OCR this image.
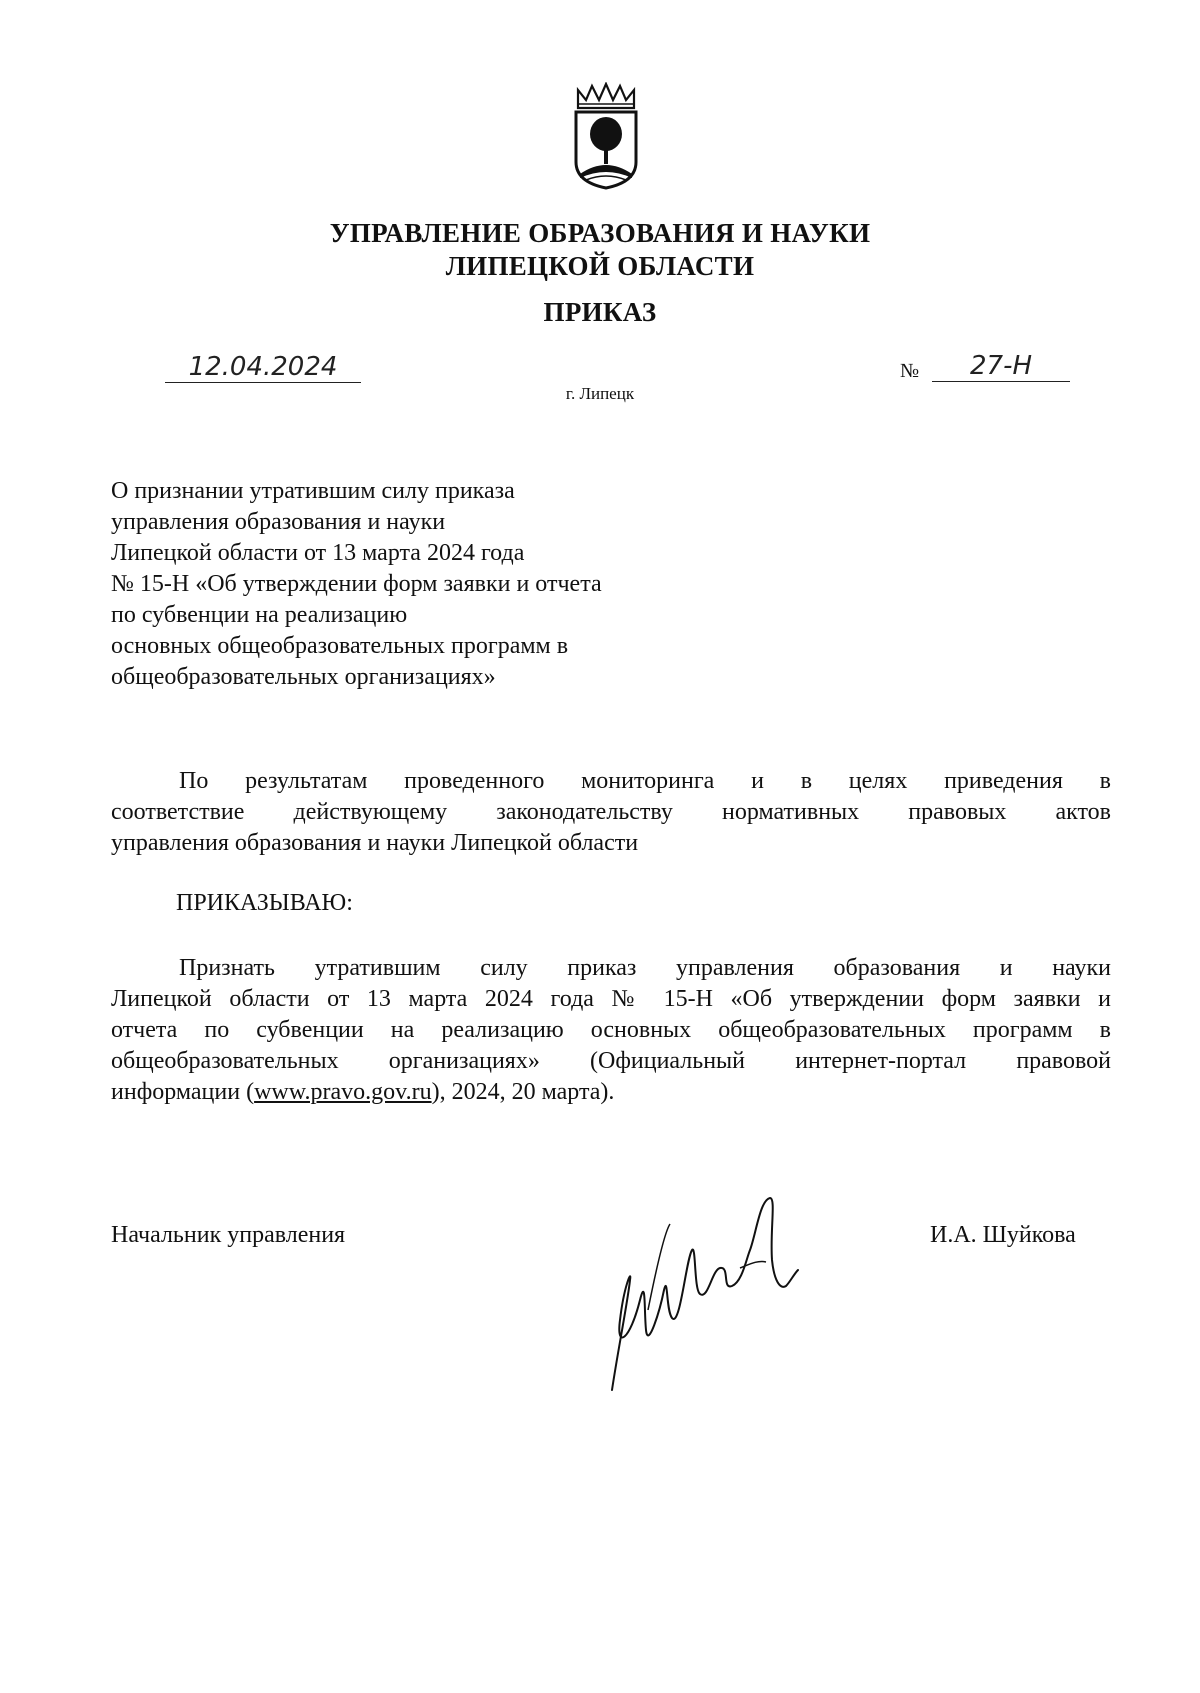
УПРАВЛЕНИЕ ОБРАЗОВАНИЯ И НАУКИ
ЛИПЕЦКОЙ ОБЛАСТИ
ПРИКАЗ
12.04.2024	№	27-Н
г. Липецк
О признании утратившим силу приказа
управления образования и науки
Липецкой области от 13 марта 2024 года
№ 15-Н «Об утверждении форм заявки и отчета
по субвенции на реализацию
основных общеобразовательных программ в
общеобразовательных организациях»
По результатам проведенного мониторинга и в целях приведения в
соответствие действующему законодательству нормативных правовых актов
управления образования и науки Липецкой области
ПРИКАЗЫВАЮ:
Признать утратившим силу приказ управления образования и науки
Липецкой области от 13 марта 2024 года № 15-Н «Об утверждении форм заявки и
отчета по субвенции на реализацию основных общеобразовательных программ в
общеобразовательных организациях» (Официальный интернет-портал правовой
информации (www.pravo.gov.ru), 2024, 20 марта).
Начальник управления	И.А. Шуйкова
